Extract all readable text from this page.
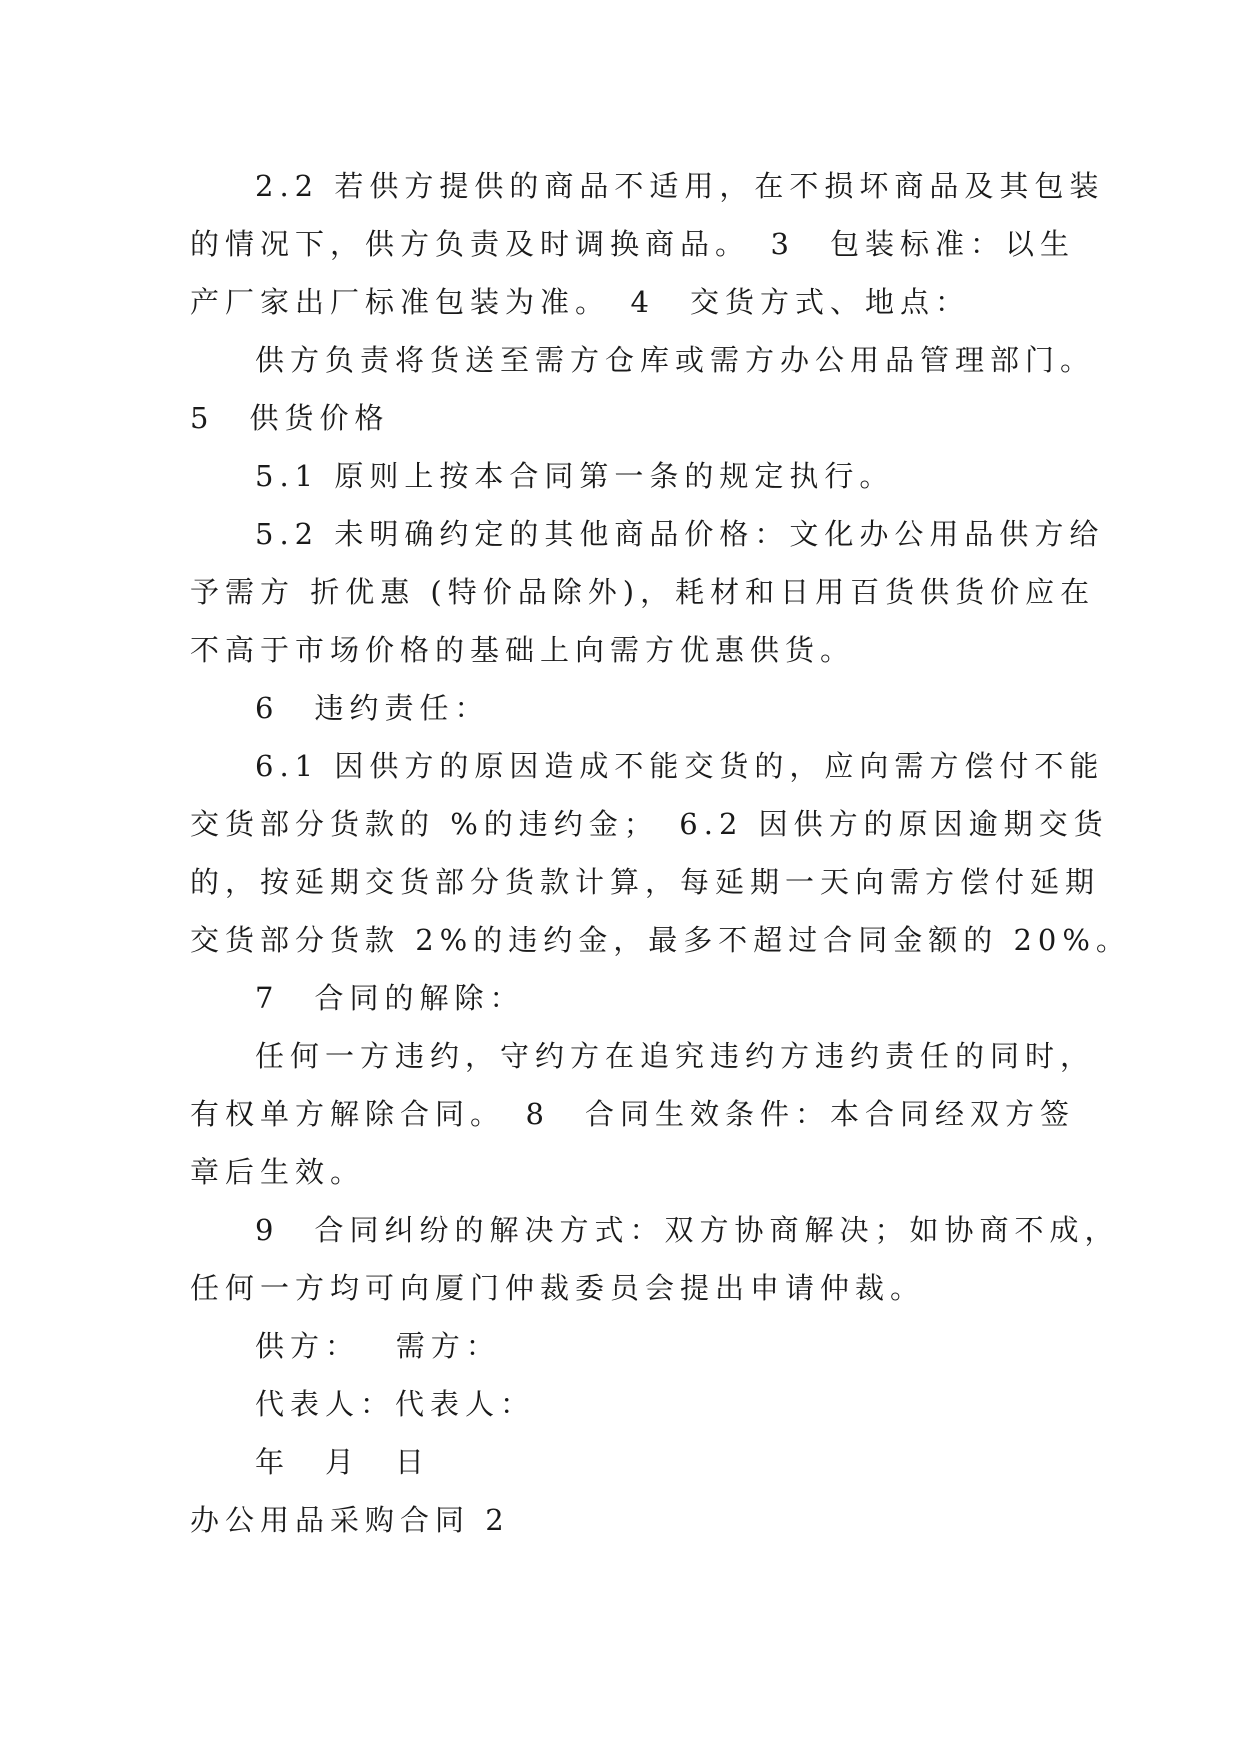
2.2 若供方提供的商品不适用，在不损坏商品及其包装
的情况下，供方负责及时调换商品。　3　包装标准：以生
产厂家出厂标准包装为准。　4　交货方式、地点：
供方负责将货送至需方仓库或需方办公用品管理部门。
5　供货价格
5.1 原则上按本合同第一条的规定执行。
5.2 未明确约定的其他商品价格：文化办公用品供方给
予需方 折优惠 (特价品除外)，耗材和日用百货供货价应在
不高于市场价格的基础上向需方优惠供货。
6　违约责任：
6.1 因供方的原因造成不能交货的，应向需方偿付不能
交货部分货款的 %的违约金；　6.2 因供方的原因逾期交货
的，按延期交货部分货款计算，每延期一天向需方偿付延期
交货部分货款 2%的违约金，最多不超过合同金额的 20%。
7　合同的解除：
任何一方违约，守约方在追究违约方违约责任的同时，
有权单方解除合同。　8　合同生效条件：本合同经双方签
章后生效。
9　合同纠纷的解决方式：双方协商解决；如协商不成，
任何一方均可向厦门仲裁委员会提出申请仲裁。
供方：　 需方：
代表人：代表人：
年　月　日
办公用品采购合同 2
